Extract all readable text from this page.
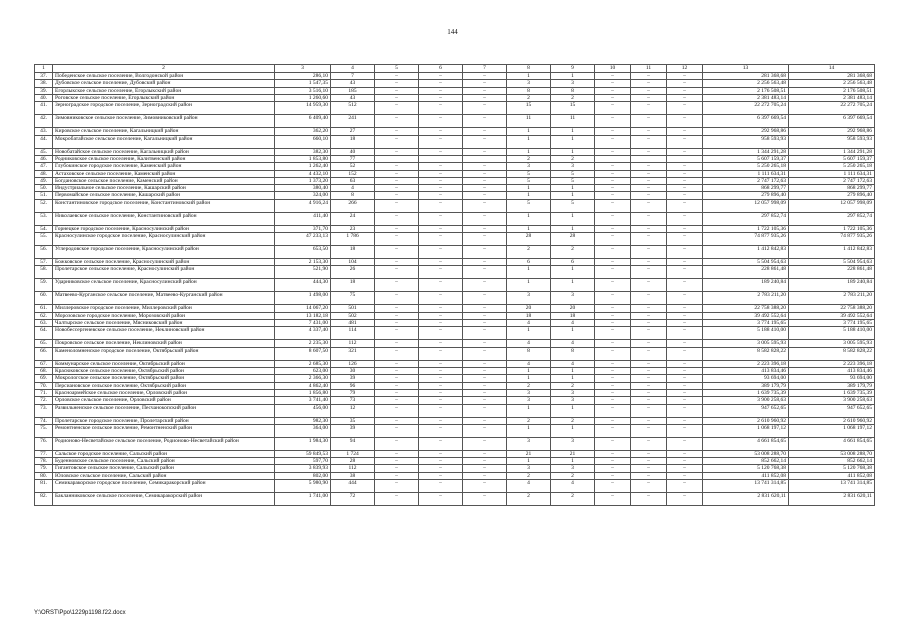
144
1	2	3	4	5	6	7	8	9	10	11	12	13	14
37.	Победенское сельское поселение, Волгодонской район	286,10	7	–	–	–	1	1	–	–	–	281 368,68	281 368,68
38.	Дубовское сельское поселение, Дубовский район	1 547,35	43	–	–	–	3	3	–	–	–	2 256 563,48	2 256 563,48
39.	Егорлыкское сельское поселение, Егорлыкский район	3 516,10	185	–	–	–	8	8	–	–	–	2 176 508,51	2 176 508,51
40.	Роговское сельское поселение, Егорлыкский район	1 260,60	43	–	–	–	2	2	–	–	–	2 381 483,14	2 381 483,14
41.	Зерноградское городское поселение, Зерноградский район	14 959,30	512	–	–	–	15	15	–	–	–	22 272 705,24	22 272 705,24
42.	Зимовниковское сельское поселение, Зимовниковский район	6 409,40	241	–	–	–	11	11	–	–	–	6 397 669,54	6 397 669,54
43.	Кировское сельское поселение, Кагальницкий район	362,20	27	–	–	–	1	1	–	–	–	292 968,86	292 968,86
44.	Мокробатайское сельское поселение, Кагальницкий район	660,10	18	–	–	–	1	1	–	–	–	958 593,93	958 593,93
45.	Новобатайское сельское поселение, Кагальницкий район	382,30	40	–	–	–	1	1	–	–	–	1 344 291,28	1 344 291,28
46.	Родниковское сельское поселение, Калитвенский район	1 853,80	77				2	2				5 607 159,37	5 607 159,37
47.	Глубокинское городское поселение, Каменский район	1 262,40	52	–	–	–	3	3	–	–	–	5 250 265,18	5 250 265,18
48.	Астаховское сельское поселение, Каменский район	4 432,10	152	–	–	–	5	5	–	–	–	1 111 634,31	1 111 634,31
49.	Богдановское сельское поселение, Каменский район	1 373,20	63	–	–	–	5	5	–	–	–	2 747 172,63	2 747 172,63
50.	Индустриальное сельское поселение, Кашарский район	380,40	4	–	–	–	1	1	–	–	–	868 299,77	868 299,77
51.	Первомайское сельское поселение, Кашарский район	324,00	8	–	–	–	1	1	–	–	–	279 896,40	279 896,40
52.	Константиновское городское поселение, Константиновский район	4 916,24	266	–	–	–	5	5	–	–	–	12 057 998,09	12 057 998,09
53.	Николаевское сельское поселение, Константиновский район	411,40	24	–	–	–	1	1	–	–	–	297 852,74	297 852,74
54.	Горнецкое городское поселение, Красносулинский район	371,70	23	–	–	–	1	1	–	–	–	1 722 105,36	1 722 105,36
55.	Красносулинское городское поселение, Красносулинский район	47 233,13	1 786	–	–	–	28	28	–	–	–	74 877 935,26	74 877 935,26
56.	Углеродовское городское поселение, Красносулинский район	653,50	18	–	–	–	2	2	–	–	–	1 412 842,83	1 412 842,83
57.	Божковское сельское поселение, Красносулинский район	2 153,30	104	–	–	–	6	6	–	–	–	5 504 954,63	5 504 954,63
58.	Пролетарское сельское поселение, Красносулинский район	521,90	26	–	–	–	1	1	–	–	–	228 861,48	228 861,48
59.	Ударниковское сельское поселение, Красносулинский район	444,30	18	–	–	–	1	1	–	–	–	189 240,84	189 240,84
60.	Матвеево-Курганское сельское поселение, Матвеево-Курганский район	1 498,00	75	–	–	–	3	3	–	–	–	2 783 211,20	2 783 211,20
61.	Миллеровское городское поселение, Миллеровский район	14 067,20	501	–	–	–	20	20	–	–	–	22 758 388,20	22 758 388,20
62.	Морозовское городское поселение, Морозовский район	13 182,18	502	–	–	–	18	18	–	–	–	39 492 552,64	39 492 552,64
63.	Чалтырское сельское поселение, Мясниковский район	7 431,00	481	–	–	–	4	4	–	–	–	3 774 195,65	3 774 195,65
64.	Новобессергеневское сельское поселение, Неклиновский район	4 337,40	114	–	–	–	1	1	–	–	–	5 188 410,00	5 188 410,00
65.	Покровское сельское поселение, Неклиновский район	2 235,30	112	–	–	–	4	4	–	–	–	3 005 595,93	3 005 595,93
66.	Каменоломненское городское поселение, Октябрьский район	8 607,50	321	–	–	–	8	8	–	–	–	8 582 828,22	8 582 828,22
67.	Коммунарское сельское поселение, Октябрьский район	2 685,30	126	–	–	–	4	4	–	–	–	2 223 396,18	2 223 396,18
68.	Красюковское сельское поселение, Октябрьский район	623,00	30	–	–	–	1	1	–	–	–	413 834,46	413 834,46
69.	Мокрологское сельское поселение, Октябрьский район	2 366,30	39	–	–	–	1	1	–	–	–	93 694,00	93 694,00
70.	Персиановское сельское поселение, Октябрьский район	4 862,40	96	–	–	–	2	2	–	–	–	389 179,79	389 179,79
71.	Красноармейское сельское поселение, Орловский район	1 856,80	79	–	–	–	3	3	–	–	–	1 639 735,39	1 639 735,39
72.	Орловское сельское поселение, Орловский район	3 741,40	73	–	–	–	3	3	–	–	–	3 900 258,63	3 900 258,63
73.	Развильненское сельское поселение, Песчанокопский район	456,00	12	–	–	–	1	1	–	–	–	947 652,65	947 652,65
74.	Пролетарское городское поселение, Пролетарский район	982,30	35	–	–	–	2	2	–	–	–	2 610 960,92	2 610 960,92
75.	Ремонтненское сельское поселение, Ремонтненский район	364,00	39	–	–	–	1	1	–	–	–	1 068 197,12	1 068 197,12
76.	Родионово-Несветайское сельское поселение, Родионово-Несветайский район	1 984,30	94	–	–	–	3	3	–	–	–	4 661 854,65	4 661 854,65
77.	Сальское городское поселение, Сальский район	59 849,53	1 724	–	–	–	21	21	–	–	–	53 008 288,70	53 008 288,70
78.	Буденновское сельское поселение, Сальский район	597,70	28	–	–	–	1	1	–	–	–	852 662,14	852 662,14
79.	Гигантовское сельское поселение, Сальский район	3 839,93	112	–	–	–	3	3	–	–	–	5 120 768,38	5 120 768,38
80.	Юловское сельское поселение, Сальский район	802,00	38	–	–	–	2	2	–	–	–	411 852,08	411 852,08
81.	Семикаракорское городское поселение, Семикаракорский район	5 980,90	444	–	–	–	4	4	–	–	–	13 741 314,85	13 741 314,85
82.	Бакланниковское сельское поселение, Семикаракорский район	1 741,00	72	–	–	–	2	2	–	–	–	2 831 620,11	2 831 620,11
Y:\ORST\Ppo\1229p1198.f22.docx
